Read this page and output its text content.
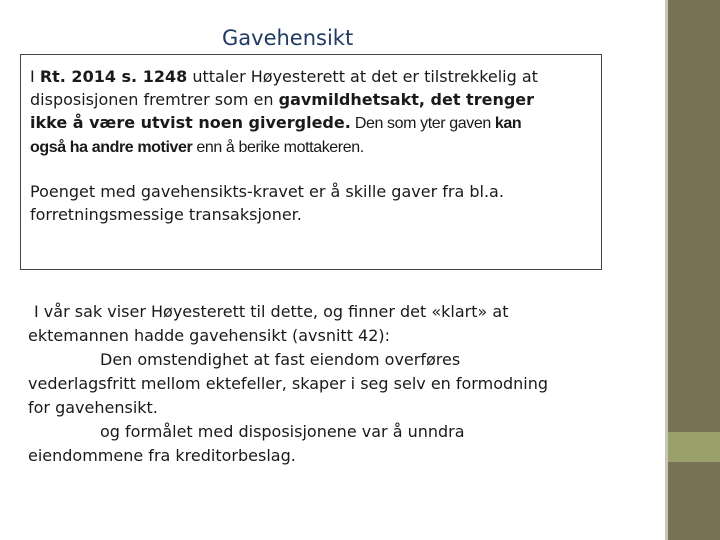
Gavehensikt

I Rt. 2014 s. 1248 uttaler Høyesterett at det er tilstrekkelig at
disposisjonen fremtrer som en gavmildhetsakt, det trenger
ikke å være utvist noen giverglede. Den som yter gaven kan
også ha andre motiver enn å berike mottakeren.

Poenget med gavehensikts-kravet er å skille gaver fra bl.a.
forretningsmessige transaksjoner.

I vår sak viser Høyesterett til dette, og finner det «klart» at
ektemannen hadde gavehensikt (avsnitt 42):
Den omstendighet at fast eiendom overføres
vederlagsfritt mellom ektefeller, skaper i seg selv en formodning
for gavehensikt.
og formålet med disposisjonene var å unndra
eiendommene fra kreditorbeslag.
